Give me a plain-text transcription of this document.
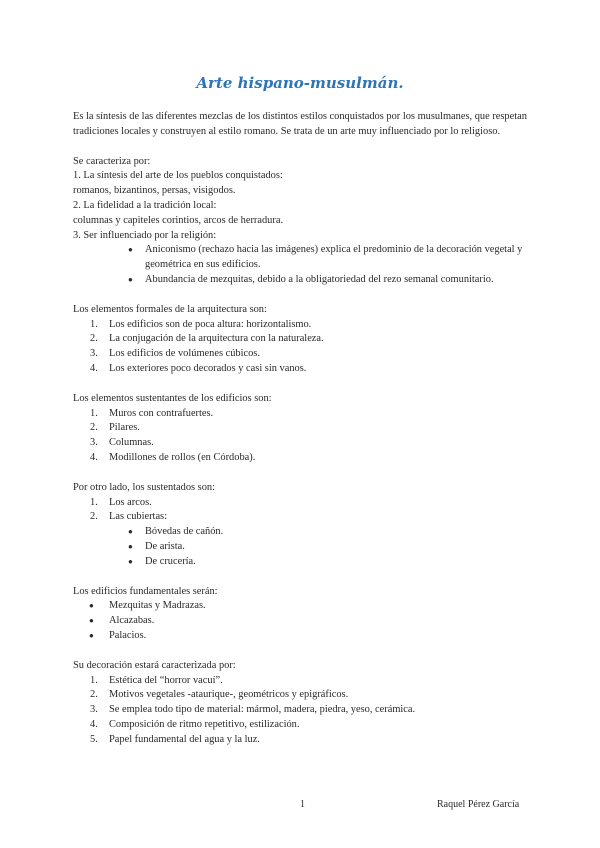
Arte hispano-musulmán.

Es la síntesis de las diferentes mezclas de los distintos estilos conquistados por los musulmanes, que respetan tradiciones locales y construyen al estilo romano. Se trata de un arte muy influenciado por lo religioso.

Se caracteriza por:

1. La síntesis del arte de los pueblos conquistados:

romanos, bizantinos, persas, visigodos.

2. La fidelidad a la tradición local:

columnas y capiteles corintios, arcos de herradura.

3. Ser influenciado por la religión:

● Aniconismo (rechazo hacia las imágenes) explica el predominio de la decoración vegetal y geométrica en sus edificios.
● Abundancia de mezquitas, debido a la obligatoriedad del rezo semanal comunitario.

Los elementos formales de la arquitectura son:

1. Los edificios son de poca altura: horizontalismo.
2. La conjugación de la arquitectura con la naturaleza.
3. Los edificios de volúmenes cúbicos.
4. Los exteriores poco decorados y casi sin vanos.

Los elementos sustentantes de los edificios son:

1. Muros con contrafuertes.
2. Pilares.
3. Columnas.
4. Modillones de rollos (en Córdoba).

Por otro lado, los sustentados son:

1. Los arcos.
2. Las cubiertas:
● Bóvedas de cañón.
● De arista.
● De crucería.

Los edificios fundamentales serán:

● Mezquitas y Madrazas.
● Alcazabas.
● Palacios.

Su decoración estará caracterizada por:

1. Estética del “horror vacuí”.
2. Motivos vegetales -ataurique-, geométricos y epigráficos.
3. Se emplea todo tipo de material: mármol, madera, piedra, yeso, cerámica.
4. Composición de ritmo repetitivo, estilización.
5. Papel fundamental del agua y la luz.
1	Raquel Pérez García
